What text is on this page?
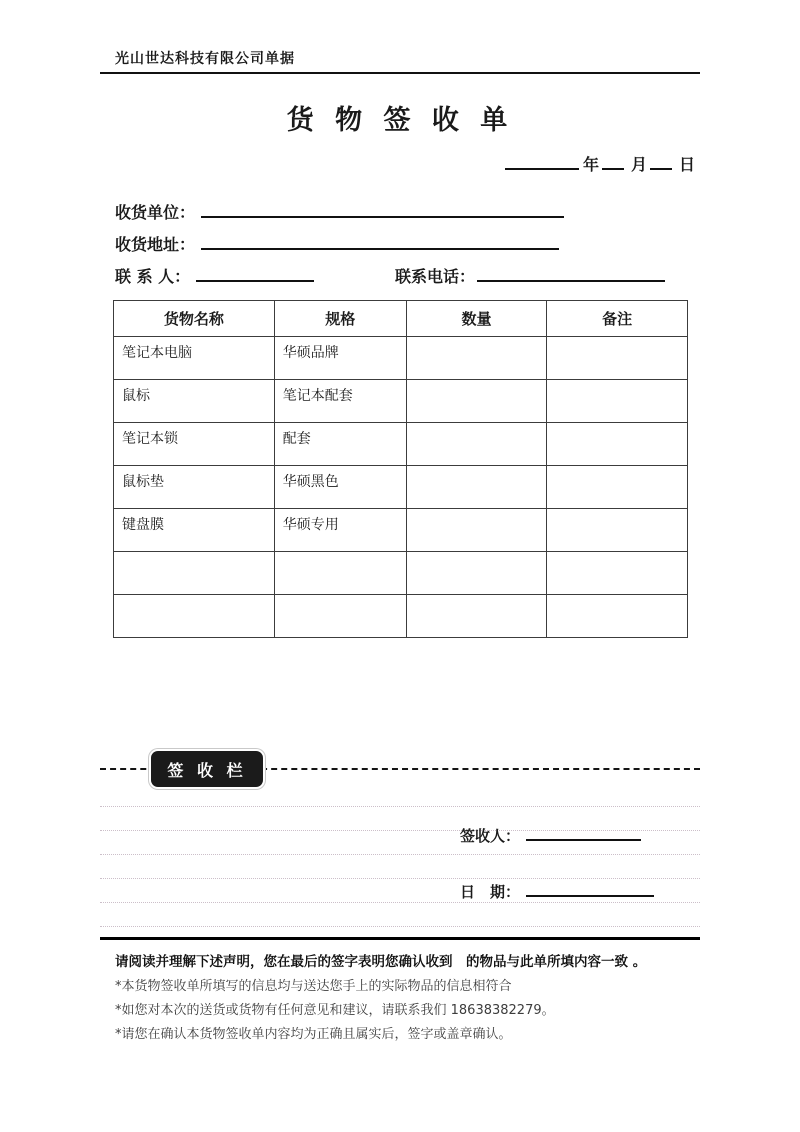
光山世达科技有限公司单据
货 物 签 收 单
年 月 日
收货单位：
收货地址：
联 系 人：	联系电话：
货物名称	规格	数量	备注
笔记本电脑	华硕品牌		
鼠标	笔记本配套		
笔记本锁	配套		
鼠标垫	华硕黑色		
键盘膜	华硕专用		

签 收 栏
签收人：
日　期：
请阅读并理解下述声明，您在最后的签字表明您确认收到　的物品与此单所填内容一致 。
*本货物签收单所填写的信息均与送达您手上的实际物品的信息相符合
*如您对本次的送货或货物有任何意见和建议，请联系我们 18638382279。
*请您在确认本货物签收单内容均为正确且属实后，签字或盖章确认。
